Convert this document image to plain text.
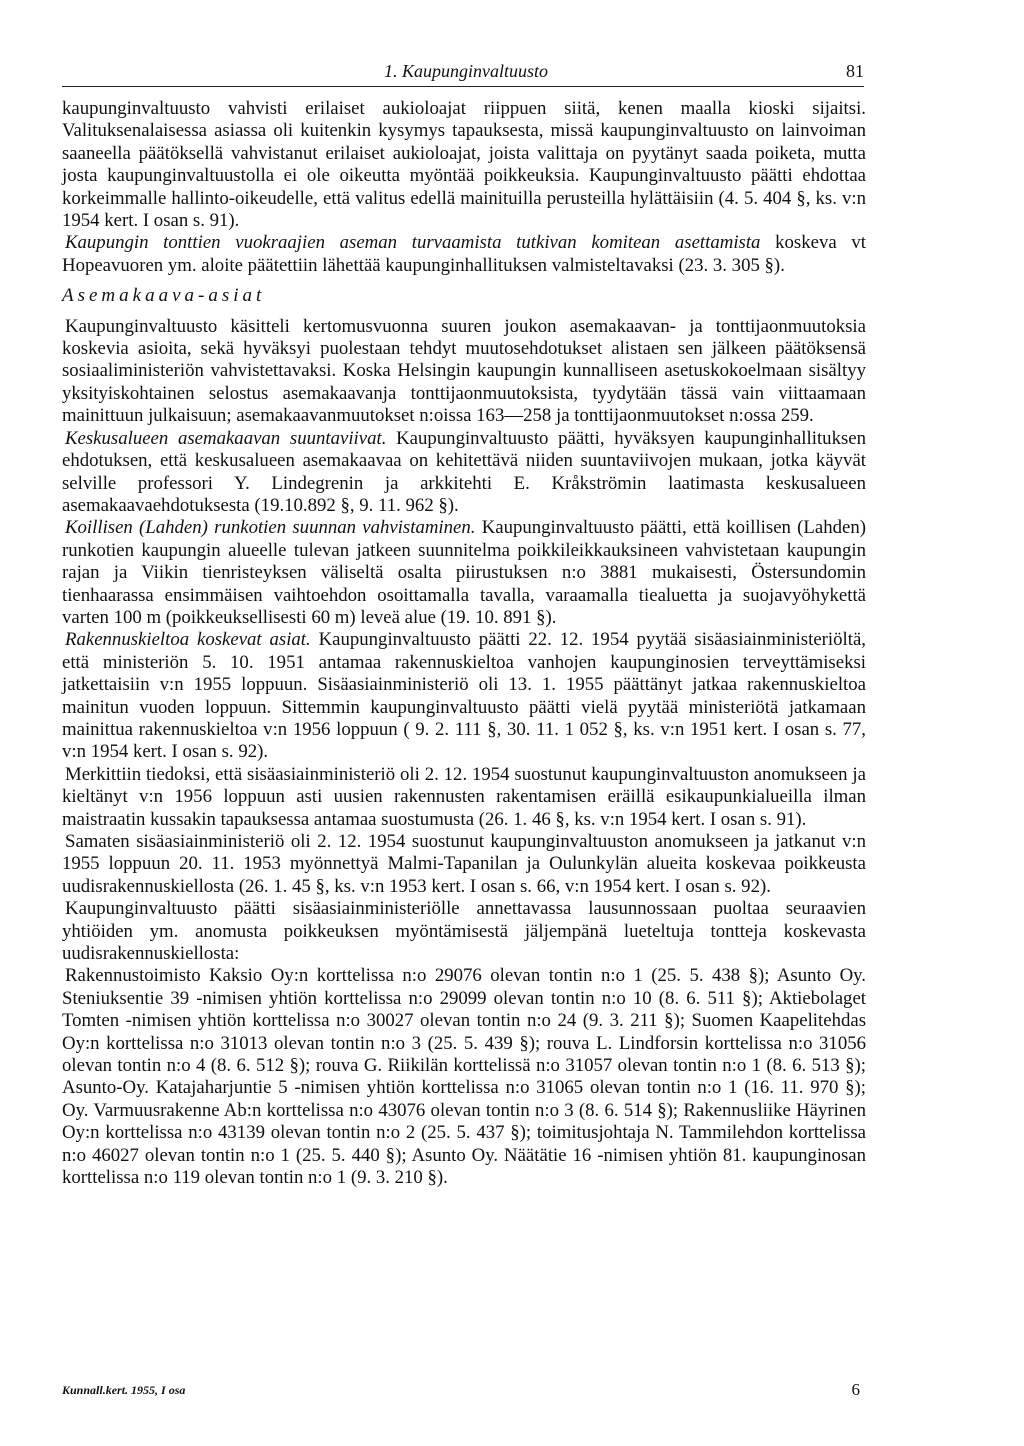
1. Kaupunginvaltuusto	81

kaupunginvaltuusto vahvisti erilaiset aukioloajat riippuen siitä, kenen maalla kioski sijaitsi. Valituksenalaisessa asiassa oli kuitenkin kysymys tapauksesta, missä kaupunginvaltuusto on lainvoiman saaneella päätöksellä vahvistanut erilaiset aukioloajat, joista valittaja on pyytänyt saada poiketa, mutta josta kaupunginvaltuustolla ei ole oikeutta myöntää poikkeuksia. Kaupunginvaltuusto päätti ehdottaa korkeimmalle hallinto-oikeudelle, että valitus edellä mainituilla perusteilla hylättäisiin (4. 5. 404 §, ks. v:n 1954 kert. I osan s. 91).

Kaupungin tonttien vuokraajien aseman turvaamista tutkivan komitean asettamista koskeva vt Hopeavuoren ym. aloite päätettiin lähettää kaupunginhallituksen valmisteltavaksi (23. 3. 305 §).

Asemakaava-asiat

Kaupunginvaltuusto käsitteli kertomusvuonna suuren joukon asemakaavan- ja tonttijaonmuutoksia koskevia asioita, sekä hyväksyi puolestaan tehdyt muutosehdotukset alistaen sen jälkeen päätöksensä sosiaaliministeriön vahvistettavaksi. Koska Helsingin kaupungin kunnalliseen asetuskokoelmaan sisältyy yksityiskohtainen selostus asemakaavanja tonttijaonmuutoksista, tyydytään tässä vain viittaamaan mainittuun julkaisuun; asemakaavanmuutokset n:oissa 163—258 ja tonttijaonmuutokset n:ossa 259.

Keskusalueen asemakaavan suuntaviivat. Kaupunginvaltuusto päätti, hyväksyen kaupunginhallituksen ehdotuksen, että keskusalueen asemakaavaa on kehitettävä niiden suuntaviivojen mukaan, jotka käyvät selville professori Y. Lindegrenin ja arkkitehti E. Kråkströmin laatimasta keskusalueen asemakaavaehdotuksesta (19.10.892 §, 9. 11. 962 §).

Koillisen (Lahden) runkotien suunnan vahvistaminen. Kaupunginvaltuusto päätti, että koillisen (Lahden) runkotien kaupungin alueelle tulevan jatkeen suunnitelma poikkileikkauksineen vahvistetaan kaupungin rajan ja Viikin tienristeyksen väliseltä osalta piirustuksen n:o 3881 mukaisesti, Östersundomin tienhaarassa ensimmäisen vaihtoehdon osoittamalla tavalla, varaamalla tiealuetta ja suojavyöhykettä varten 100 m (poikkeuksellisesti 60 m) leveä alue (19. 10. 891 §).

Rakennuskieltoa koskevat asiat. Kaupunginvaltuusto päätti 22. 12. 1954 pyytää sisäasiainministeriöltä, että ministeriön 5. 10. 1951 antamaa rakennuskieltoa vanhojen kaupunginosien terveyttämiseksi jatkettaisiin v:n 1955 loppuun. Sisäasiainministeriö oli 13. 1. 1955 päättänyt jatkaa rakennuskieltoa mainitun vuoden loppuun. Sittemmin kaupunginvaltuusto päätti vielä pyytää ministeriötä jatkamaan mainittua rakennuskieltoa v:n 1956 loppuun ( 9. 2. 111 §, 30. 11. 1 052 §, ks. v:n 1951 kert. I osan s. 77, v:n 1954 kert. I osan s. 92).

Merkittiin tiedoksi, että sisäasiainministeriö oli 2. 12. 1954 suostunut kaupunginvaltuuston anomukseen ja kieltänyt v:n 1956 loppuun asti uusien rakennusten rakentamisen eräillä esikaupunkialueilla ilman maistraatin kussakin tapauksessa antamaa suostumusta (26. 1. 46 §, ks. v:n 1954 kert. I osan s. 91).

Samaten sisäasiainministeriö oli 2. 12. 1954 suostunut kaupunginvaltuuston anomukseen ja jatkanut v:n 1955 loppuun 20. 11. 1953 myönnettyä Malmi-Tapanilan ja Oulunkylän alueita koskevaa poikkeusta uudisrakennuskiellosta (26. 1. 45 §, ks. v:n 1953 kert. I osan s. 66, v:n 1954 kert. I osan s. 92).

Kaupunginvaltuusto päätti sisäasiainministeriölle annettavassa lausunnossaan puoltaa seuraavien yhtiöiden ym. anomusta poikkeuksen myöntämisestä jäljempänä lueteltuja tontteja koskevasta uudisrakennuskiellosta:

Rakennustoimisto Kaksio Oy:n korttelissa n:o 29076 olevan tontin n:o 1 (25. 5. 438 §); Asunto Oy. Steniuksentie 39 -nimisen yhtiön korttelissa n:o 29099 olevan tontin n:o 10 (8. 6. 511 §); Aktiebolaget Tomten -nimisen yhtiön korttelissa n:o 30027 olevan tontin n:o 24 (9. 3. 211 §); Suomen Kaapelitehdas Oy:n korttelissa n:o 31013 olevan tontin n:o 3 (25. 5. 439 §); rouva L. Lindforsin korttelissa n:o 31056 olevan tontin n:o 4 (8. 6. 512 §); rouva G. Riikilän korttelissä n:o 31057 olevan tontin n:o 1 (8. 6. 513 §); Asunto-Oy. Katajaharjuntie 5 -nimisen yhtiön korttelissa n:o 31065 olevan tontin n:o 1 (16. 11. 970 §); Oy. Varmuusrakenne Ab:n korttelissa n:o 43076 olevan tontin n:o 3 (8. 6. 514 §); Rakennusliike Häyrinen Oy:n korttelissa n:o 43139 olevan tontin n:o 2 (25. 5. 437 §); toimitusjohtaja N. Tammilehdon korttelissa n:o 46027 olevan tontin n:o 1 (25. 5. 440 §); Asunto Oy. Näätätie 16 -nimisen yhtiön 81. kaupunginosan korttelissa n:o 119 olevan tontin n:o 1 (9. 3. 210 §).

Kunnall.kert. 1955, I osa	6
